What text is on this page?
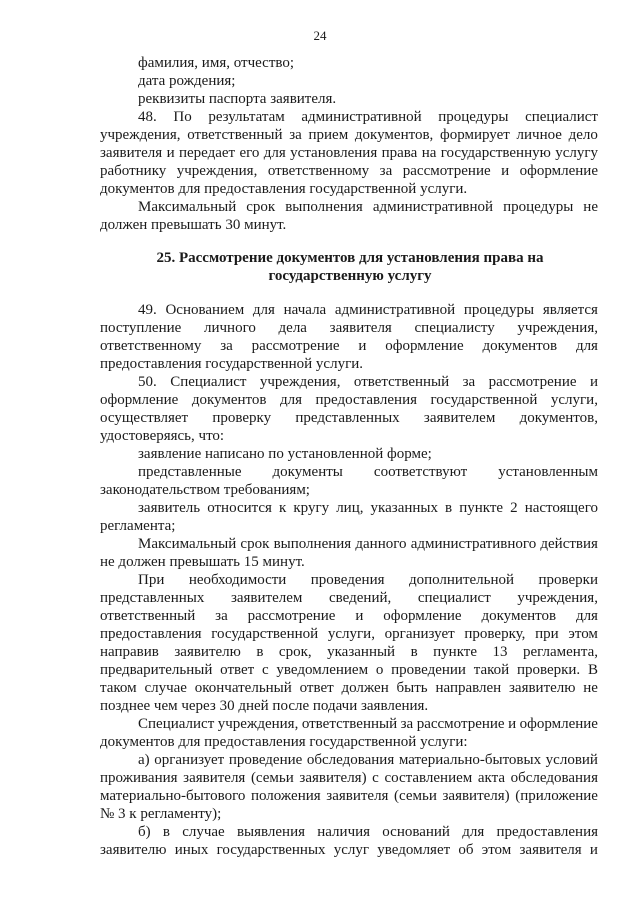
24
фамилия, имя, отчество;
дата рождения;
реквизиты паспорта заявителя.
48. По результатам административной процедуры специалист
учреждения, ответственный за прием документов, формирует личное дело
заявителя и передает его для установления права на государственную услугу
работнику учреждения, ответственному за рассмотрение и оформление
документов для предоставления государственной услуги.
Максимальный срок выполнения административной процедуры не
должен превышать 30 минут.
49. Основанием для начала административной процедуры является
поступление личного дела заявителя специалисту учреждения,
ответственному за рассмотрение и оформление документов для
предоставления государственной услуги.
50. Специалист учреждения, ответственный за рассмотрение и
оформление документов для предоставления государственной услуги,
осуществляет проверку представленных заявителем документов,
удостоверяясь, что:
заявление написано по установленной форме;
представленные документы соответствуют установленным
законодательством требованиям;
заявитель относится к кругу лиц, указанных в пункте 2 настоящего
регламента;
Максимальный срок выполнения данного административного действия
не должен превышать 15 минут.
При необходимости проведения дополнительной проверки
представленных заявителем сведений, специалист учреждения,
ответственный за рассмотрение и оформление документов для
предоставления государственной услуги, организует проверку, при этом
направив заявителю в срок, указанный в пункте 13 регламента,
предварительный ответ с уведомлением о проведении такой проверки. В
таком случае окончательный ответ должен быть направлен заявителю не
позднее чем через 30 дней после подачи заявления.
Специалист учреждения, ответственный за рассмотрение и оформление
документов для предоставления государственной услуги:
а) организует проведение обследования материально-бытовых условий
проживания заявителя (семьи заявителя) с составлением акта обследования
материально-бытового положения заявителя (семьи заявителя) (приложение
№ 3 к регламенту);
б) в случае выявления наличия оснований для предоставления
заявителю иных государственных услуг уведомляет об этом заявителя и
25. Рассмотрение документов для установления права на
государственную услугу
